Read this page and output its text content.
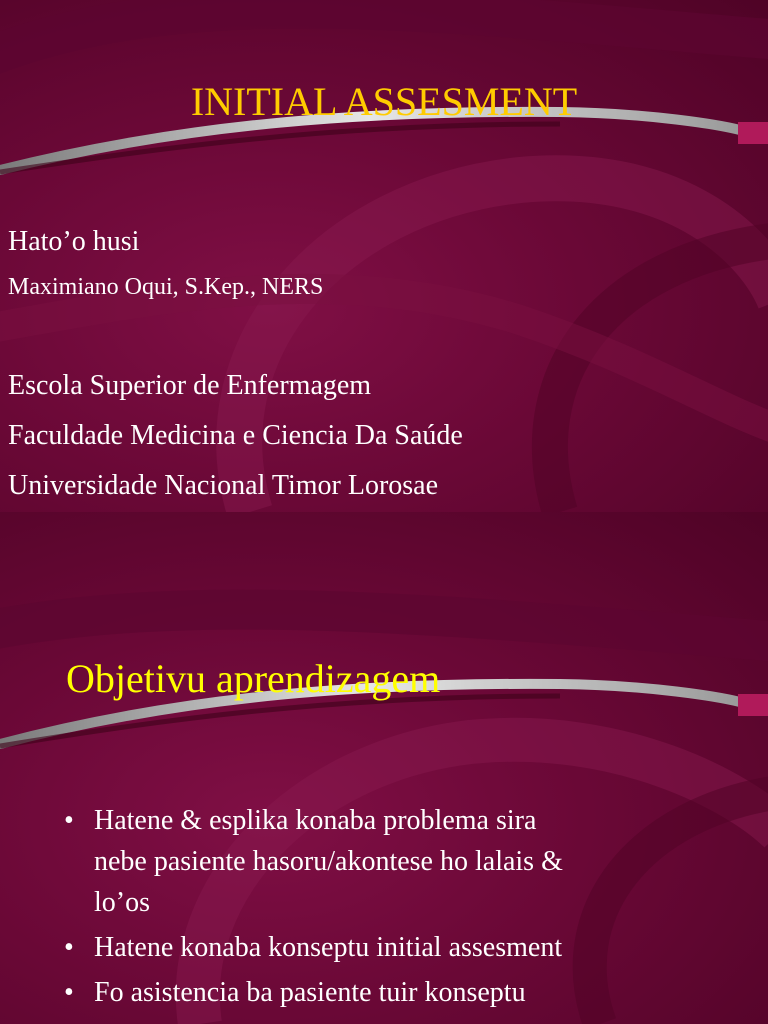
INITIAL ASSESMENT

Hato’o husi

Maximiano Oqui, S.Kep., NERS

Escola Superior de Enfermagem

Faculdade Medicina e Ciencia Da Saúde

Universidade Nacional Timor Lorosae

Objetivu aprendizagem
• Hatene & esplika konaba problema sira
nebe pasiente hasoru/akontese ho lalais &
lo’os
• Hatene konaba konseptu initial assesment
• Fo asistencia ba pasiente tuir konseptu
